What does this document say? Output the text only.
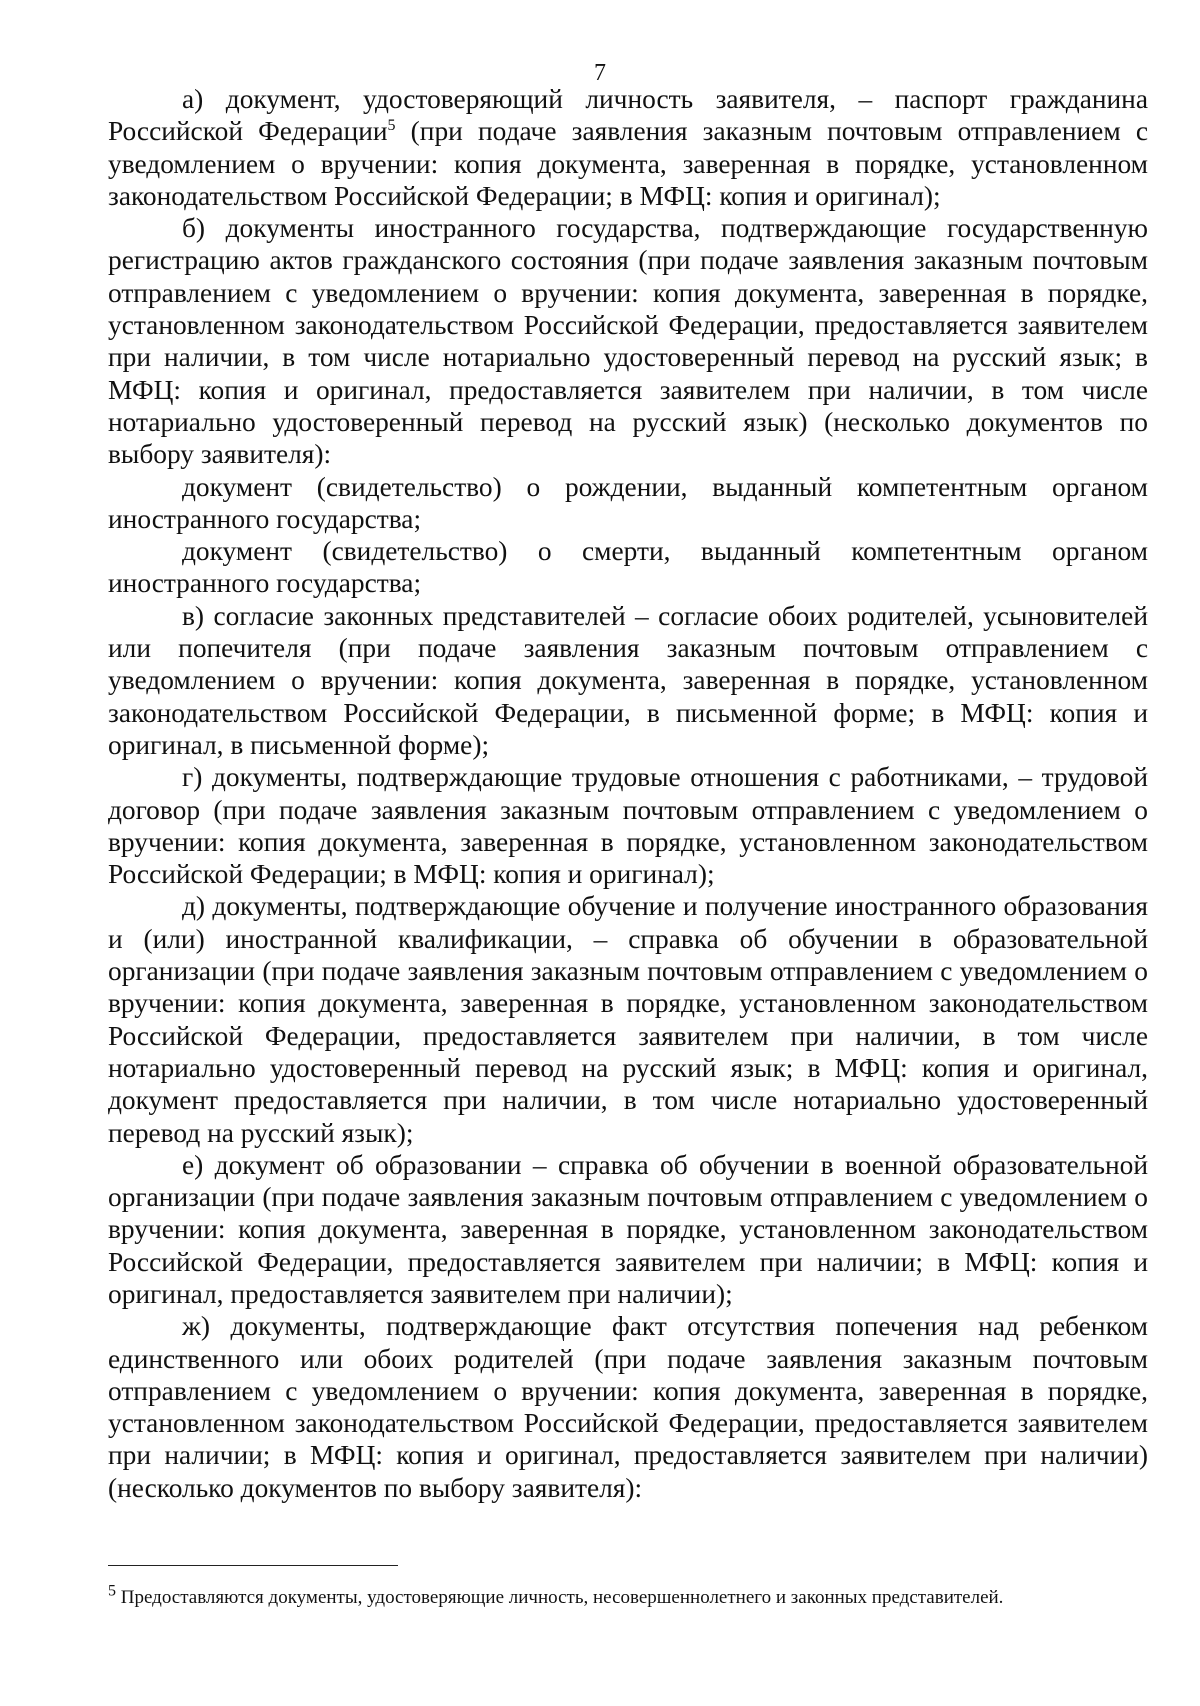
7

а) документ, удостоверяющий личность заявителя, – паспорт гражданина Российской Федерации$^5$ (при подаче заявления заказным почтовым отправлением с уведомлением о вручении: копия документа, заверенная в порядке, установленном законодательством Российской Федерации; в МФЦ: копия и оригинал);

б) документы иностранного государства, подтверждающие государственную регистрацию актов гражданского состояния (при подаче заявления заказным почтовым отправлением с уведомлением о вручении: копия документа, заверенная в порядке, установленном законодательством Российской Федерации, предоставляется заявителем при наличии, в том числе нотариально удостоверенный перевод на русский язык; в МФЦ: копия и оригинал, предоставляется заявителем при наличии, в том числе нотариально удостоверенный перевод на русский язык) (несколько документов по выбору заявителя):

документ (свидетельство) о рождении, выданный компетентным органом иностранного государства;

документ (свидетельство) о смерти, выданный компетентным органом иностранного государства;

в) согласие законных представителей – согласие обоих родителей, усыновителей или попечителя (при подаче заявления заказным почтовым отправлением с уведомлением о вручении: копия документа, заверенная в порядке, установленном законодательством Российской Федерации, в письменной форме; в МФЦ: копия и оригинал, в письменной форме);

г) документы, подтверждающие трудовые отношения с работниками, – трудовой договор (при подаче заявления заказным почтовым отправлением с уведомлением о вручении: копия документа, заверенная в порядке, установленном законодательством Российской Федерации; в МФЦ: копия и оригинал);

д) документы, подтверждающие обучение и получение иностранного образования и (или) иностранной квалификации, – справка об обучении в образовательной организации (при подаче заявления заказным почтовым отправлением с уведомлением о вручении: копия документа, заверенная в порядке, установленном законодательством Российской Федерации, предоставляется заявителем при наличии, в том числе нотариально удостоверенный перевод на русский язык; в МФЦ: копия и оригинал, документ предоставляется при наличии, в том числе нотариально удостоверенный перевод на русский язык);

е) документ об образовании – справка об обучении в военной образовательной организации (при подаче заявления заказным почтовым отправлением с уведомлением о вручении: копия документа, заверенная в порядке, установленном законодательством Российской Федерации, предоставляется заявителем при наличии; в МФЦ: копия и оригинал, предоставляется заявителем при наличии);

ж) документы, подтверждающие факт отсутствия попечения над ребенком единственного или обоих родителей (при подаче заявления заказным почтовым отправлением с уведомлением о вручении: копия документа, заверенная в порядке, установленном законодательством Российской Федерации, предоставляется заявителем при наличии; в МФЦ: копия и оригинал, предоставляется заявителем при наличии) (несколько документов по выбору заявителя):

$^5$ Предоставляются документы, удостоверяющие личность, несовершеннолетнего и законных представителей.
